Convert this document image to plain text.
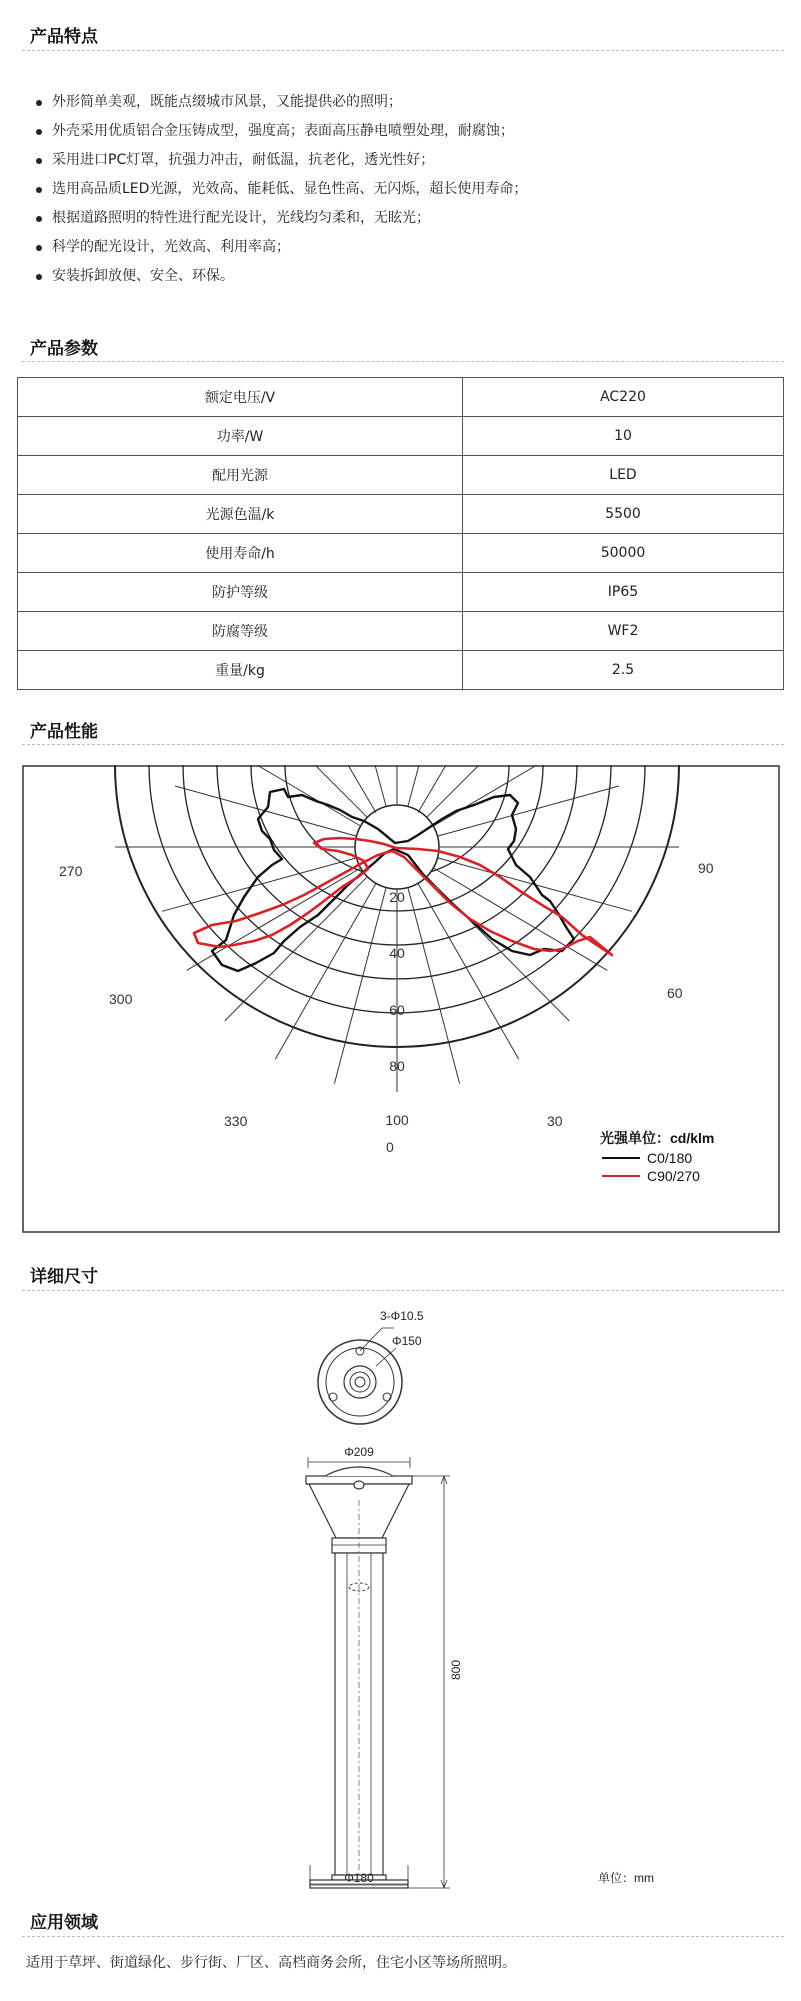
产品特点
外形简单美观，既能点缀城市风景，又能提供必的照明；
外壳采用优质铝合金压铸成型，强度高；表面高压静电喷塑处理，耐腐蚀；
采用进口PC灯罩，抗强力冲击，耐低温，抗老化，透光性好；
选用高品质LED光源，光效高、能耗低、显色性高、无闪烁，超长使用寿命；
根据道路照明的特性进行配光设计，光线均匀柔和，无眩光；
科学的配光设计，光效高、利用率高；
安装拆卸放便、安全、环保。
产品参数
额定电压/V	AC220
功率/W	10
配用光源	LED
光源色温/k	5500
使用寿命/h	50000
防护等级	IP65
防腐等级	WF2
重量/kg	2.5
产品性能
270	90
300	60
330	30
0
20
40
60
80
100
光强单位：cd/klm
C0/180
C90/270
详细尺寸
3-Φ10.5
Φ150
Φ209
800
Φ180	单位：mm
应用领域
适用于草坪、街道绿化、步行街、厂区、高档商务会所，住宅小区等场所照明。
